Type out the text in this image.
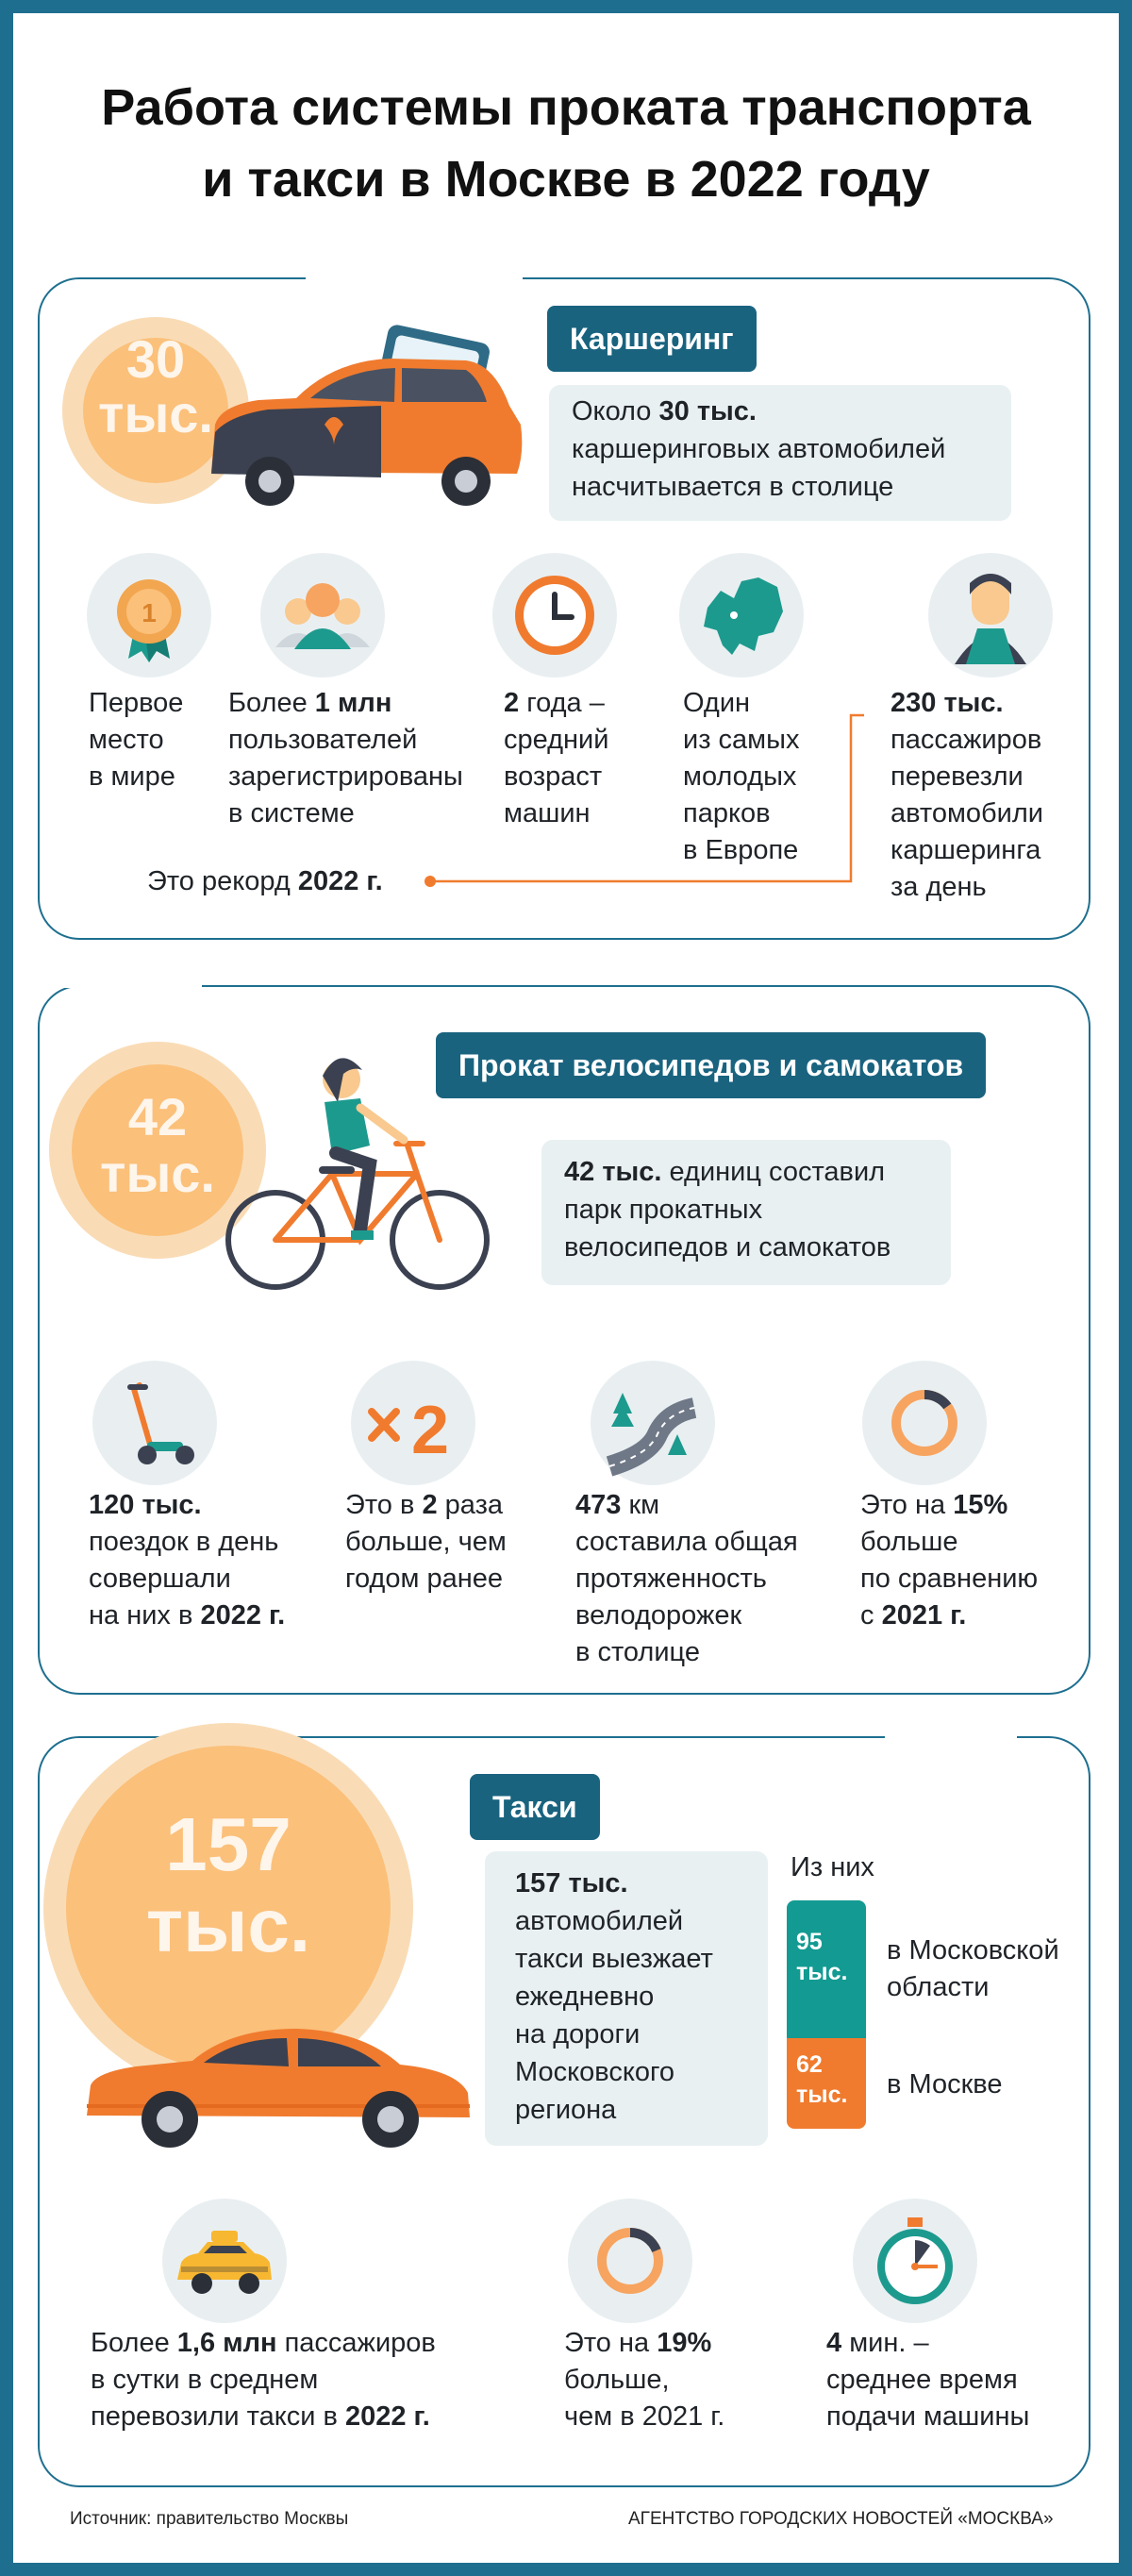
Работа системы проката транспорта
и такси в Москве в 2022 году
30
тыс.
Каршеринг
Около 30 тыс.
каршеринговых автомобилей
насчитывается в столице
1
Первое
место
в мире
Более 1 млн
пользователей
зарегистрированы
в системе
2 года –
средний
возраст
машин
Один
из самых
молодых
парков
в Европе
230 тыс.
пассажиров
перевезли
автомобили
каршеринга
за день
Это рекорд 2022 г.
42
тыс.
Прокат велосипедов и самокатов
42 тыс. единиц составил
парк прокатных
велосипедов и самокатов
2
120 тыс.
поездок в день
совершали
на них в 2022 г.
Это в 2 раза
больше, чем
годом ранее
473 км
составила общая
протяженность
велодорожек
в столице
Это на 15%
больше
по сравнению
с 2021 г.
157
тыс.
Такси
157 тыс.
автомобилей
такси выезжает
ежедневно
на дороги
Московского
региона
Из них
95
тыс.
62
тыс.
в Московской
области
в Москве
Более 1,6 млн пассажиров
в сутки в среднем
перевозили такси в 2022 г.
Это на 19%
больше,
чем в 2021 г.
4 мин. –
среднее время
подачи машины
Источник: правительство Москвы	АГЕНТСТВО ГОРОДСКИХ НОВОСТЕЙ «МОСКВА»
